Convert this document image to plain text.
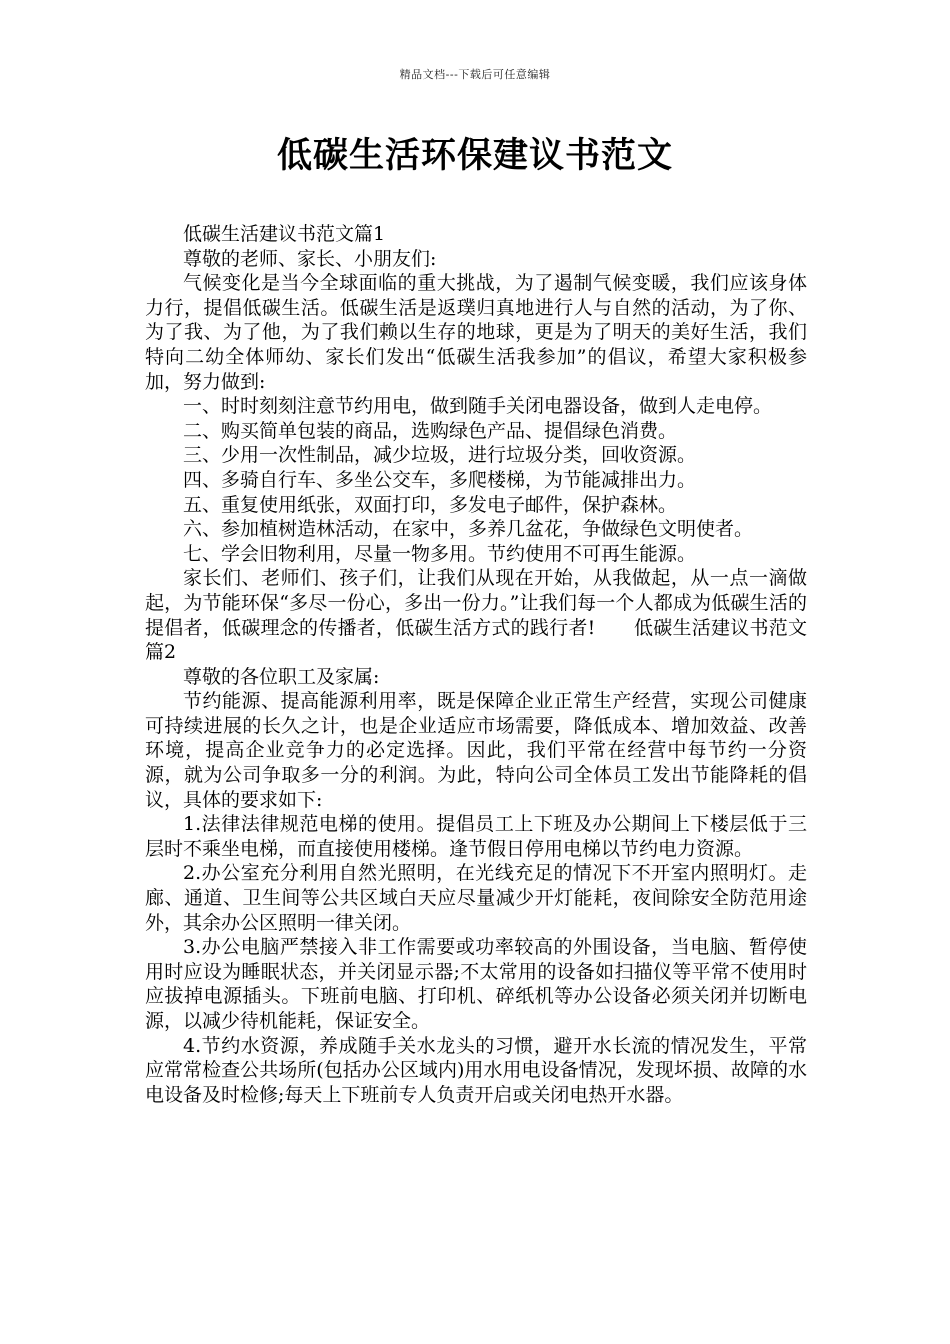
精品文档---下载后可任意编辑
低碳生活环保建议书范文

低碳生活建议书范文篇1

尊敬的老师、家长、小朋友们:

气候变化是当今全球面临的重大挑战，为了遏制气候变暖，我们应该身体力行，提倡低碳生活。低碳生活是返璞归真地进行人与自然的活动，为了你、为了我、为了他，为了我们赖以生存的地球，更是为了明天的美好生活，我们特向二幼全体师幼、家长们发出“低碳生活我参加”的倡议，希望大家积极参加，努力做到:

一、时时刻刻注意节约用电，做到随手关闭电器设备，做到人走电停。

二、购买简单包装的商品，选购绿色产品、提倡绿色消费。

三、少用一次性制品，减少垃圾，进行垃圾分类，回收资源。

四、多骑自行车、多坐公交车，多爬楼梯，为节能减排出力。

五、重复使用纸张，双面打印，多发电子邮件，保护森林。

六、参加植树造林活动，在家中，多养几盆花，争做绿色文明使者。

七、学会旧物利用，尽量一物多用。节约使用不可再生能源。

家长们、老师们、孩子们，让我们从现在开始，从我做起，从一点一滴做起，为节能环保“多尽一份心，多出一份力。”让我们每一个人都成为低碳生活的提倡者，低碳理念的传播者，低碳生活方式的践行者!　　低碳生活建议书范文篇2

尊敬的各位职工及家属:

节约能源、提高能源利用率，既是保障企业正常生产经营，实现公司健康可持续进展的长久之计，也是企业适应市场需要，降低成本、增加效益、改善环境，提高企业竞争力的必定选择。因此，我们平常在经营中每节约一分资源，就为公司争取多一分的利润。为此，特向公司全体员工发出节能降耗的倡议，具体的要求如下:

1.法律法律规范电梯的使用。提倡员工上下班及办公期间上下楼层低于三层时不乘坐电梯，而直接使用楼梯。逢节假日停用电梯以节约电力资源。

2.办公室充分利用自然光照明，在光线充足的情况下不开室内照明灯。走廊、通道、卫生间等公共区域白天应尽量减少开灯能耗，夜间除安全防范用途外，其余办公区照明一律关闭。

3.办公电脑严禁接入非工作需要或功率较高的外围设备，当电脑、暂停使用时应设为睡眠状态，并关闭显示器;不太常用的设备如扫描仪等平常不使用时应拔掉电源插头。下班前电脑、打印机、碎纸机等办公设备必须关闭并切断电源，以减少待机能耗，保证安全。

4.节约水资源，养成随手关水龙头的习惯，避开水长流的情况发生，平常应常常检查公共场所(包括办公区域内)用水用电设备情况，发现坏损、故障的水电设备及时检修;每天上下班前专人负责开启或关闭电热开水器。
